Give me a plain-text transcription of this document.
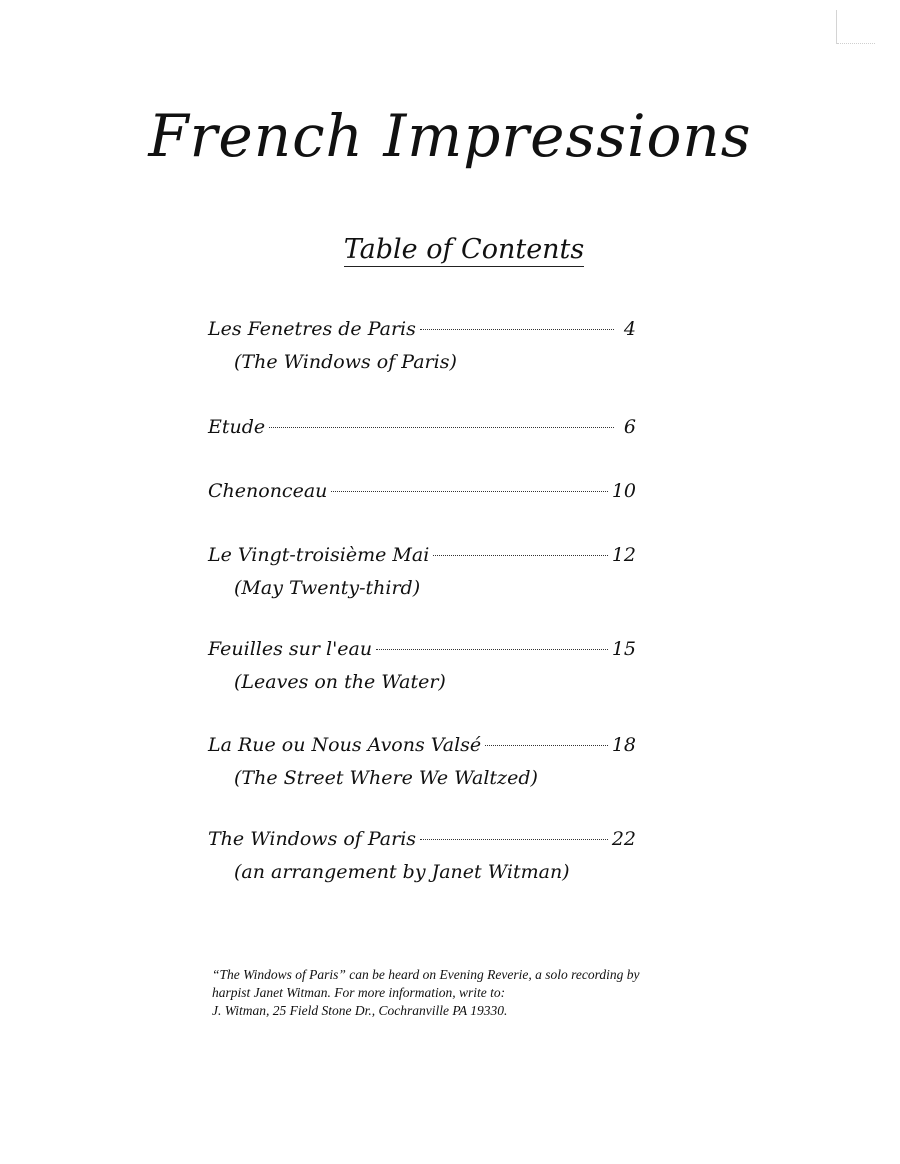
French Impressions
Table of Contents
Les Fenetres de Paris	4
(The Windows of Paris)
Etude	6
Chenonceau	10
Le Vingt-troisième Mai	12
(May Twenty-third)
Feuilles sur l'eau	15
(Leaves on the Water)
La Rue ou Nous Avons Valsé	18
(The Street Where We Waltzed)
The Windows of Paris	22
(an arrangement by Janet Witman)
“The Windows of Paris” can be heard on Evening Reverie, a solo recording by
harpist Janet Witman. For more information, write to:
J. Witman, 25 Field Stone Dr., Cochranville PA 19330.
